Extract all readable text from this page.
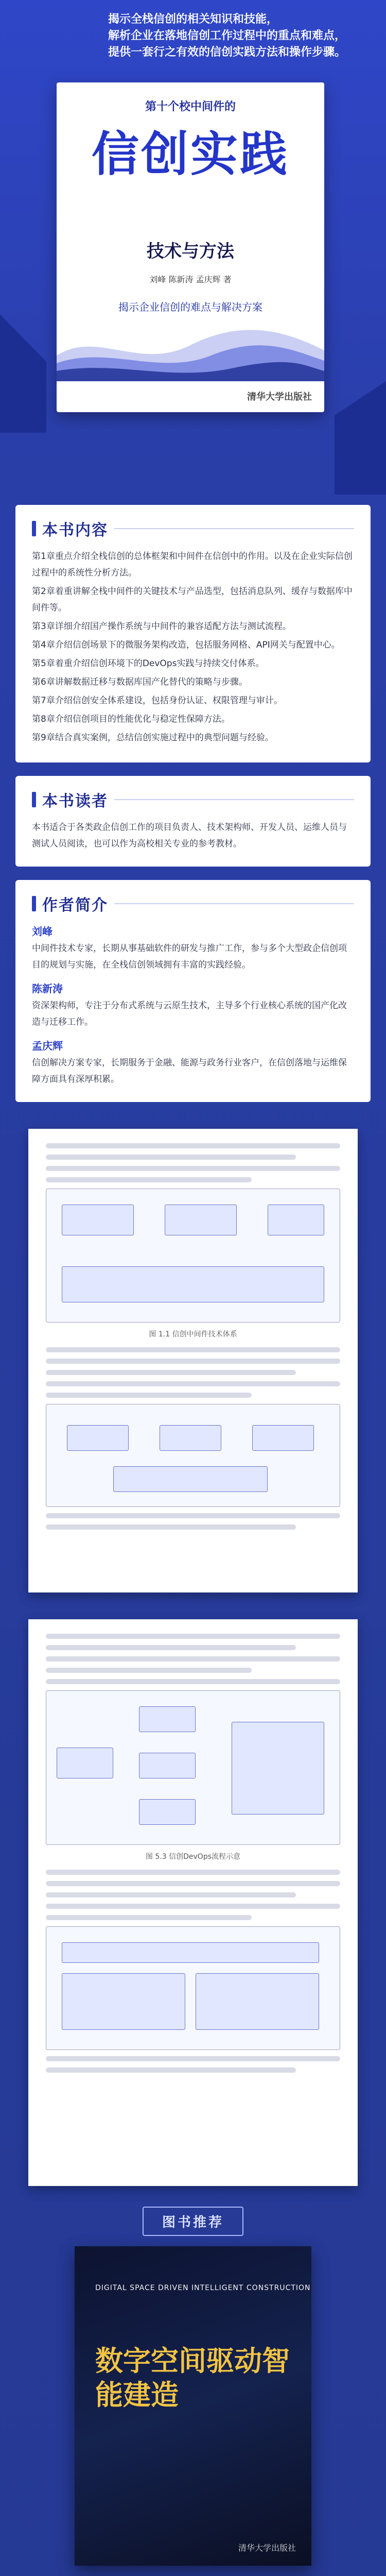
揭示全栈信创的相关知识和技能，
解析企业在落地信创工作过程中的重点和难点，
提供一套行之有效的信创实践方法和操作步骤。
第十个校中间件的
信创实践
技术与方法
刘峰 陈新涛 孟庆辉 著
揭示企业信创的难点与解决方案
清华大学出版社
本书内容

第1章重点介绍全栈信创的总体框架和中间件在信创中的作用。以及在企业实际信创过程中的系统性分析方法。

第2章着重讲解全栈中间件的关键技术与产品选型，包括消息队列、缓存与数据库中间件等。

第3章详细介绍国产操作系统与中间件的兼容适配方法与测试流程。

第4章介绍信创场景下的微服务架构改造，包括服务网格、API网关与配置中心。

第5章着重介绍信创环境下的DevOps实践与持续交付体系。

第6章讲解数据迁移与数据库国产化替代的策略与步骤。

第7章介绍信创安全体系建设，包括身份认证、权限管理与审计。

第8章介绍信创项目的性能优化与稳定性保障方法。

第9章结合真实案例，总结信创实施过程中的典型问题与经验。

本书读者
本书适合于各类政企信创工作的项目负责人、技术架构师、开发人员、运维人员与测试人员阅读，也可以作为高校相关专业的参考教材。
作者简介
刘峰
中间件技术专家，长期从事基础软件的研发与推广工作，参与多个大型政企信创项目的规划与实施，在全栈信创领域拥有丰富的实践经验。
陈新涛
资深架构师，专注于分布式系统与云原生技术，主导多个行业核心系统的国产化改造与迁移工作。
孟庆辉
信创解决方案专家，长期服务于金融、能源与政务行业客户，在信创落地与运维保障方面具有深厚积累。
图 1.1 信创中间件技术体系
图 5.3 信创DevOps流程示意
图书推荐
DIGITAL SPACE DRIVEN INTELLIGENT CONSTRUCTION
数字空间驱动智能建造
清华大学出版社
